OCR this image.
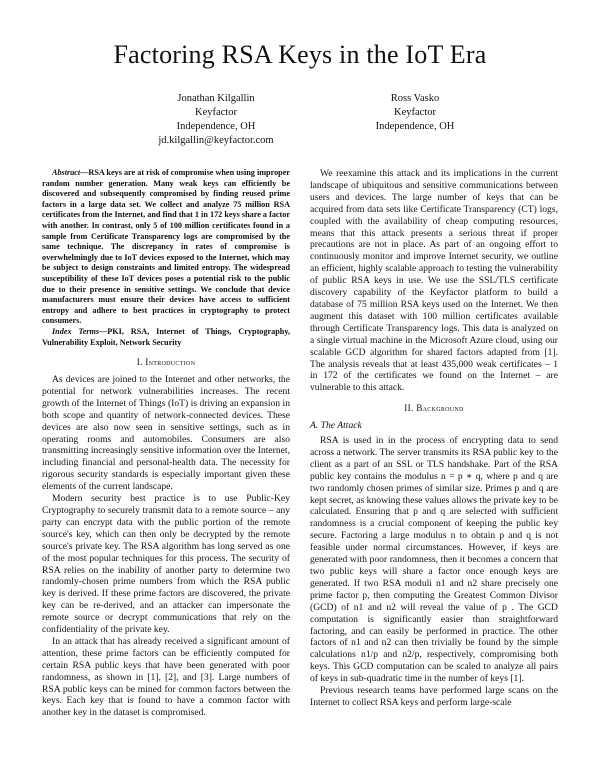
Factoring RSA Keys in the IoT Era
Jonathan Kilgallin
Keyfactor
Independence, OH
jd.kilgallin@keyfactor.com
Ross Vasko
Keyfactor
Independence, OH

Abstract—RSA keys are at risk of compromise when using improper random number generation. Many weak keys can efficiently be discovered and subsequently compromised by finding reused prime factors in a large data set. We collect and analyze 75 million RSA certificates from the Internet, and find that 1 in 172 keys share a factor with another. In contrast, only 5 of 100 million certificates found in a sample from Certificate Transparency logs are compromised by the same technique. The discrepancy in rates of compromise is overwhelmingly due to IoT devices exposed to the Internet, which may be subject to design constraints and limited entropy. The widespread susceptibility of these IoT devices poses a potential risk to the public due to their presence in sensitive settings. We conclude that device manufacturers must ensure their devices have access to sufficient entropy and adhere to best practices in cryptography to protect consumers.

Index Terms—PKI, RSA, Internet of Things, Cryptography, Vulnerability Exploit, Network Security

I. Introduction

As devices are joined to the Internet and other networks, the potential for network vulnerabilities increases. The recent growth of the Internet of Things (IoT) is driving an expansion in both scope and quantity of network-connected devices. These devices are also now seen in sensitive settings, such as in operating rooms and automobiles. Consumers are also transmitting increasingly sensitive information over the Internet, including financial and personal-health data. The necessity for rigorous security standards is especially important given these elements of the current landscape.

Modern security best practice is to use Public-Key Cryptography to securely transmit data to a remote source – any party can encrypt data with the public portion of the remote source's key, which can then only be decrypted by the remote source's private key. The RSA algorithm has long served as one of the most popular techniques for this process. The security of RSA relies on the inability of another party to determine two randomly-chosen prime numbers from which the RSA public key is derived. If these prime factors are discovered, the private key can be re-derived, and an attacker can impersonate the remote source or decrypt communications that rely on the confidentiality of the private key.

In an attack that has already received a significant amount of attention, these prime factors can be efficiently computed for certain RSA public keys that have been generated with poor randomness, as shown in [1], [2], and [3]. Large numbers of RSA public keys can be mined for common factors between the keys. Each key that is found to have a common factor with another key in the dataset is compromised.

We reexamine this attack and its implications in the current landscape of ubiquitous and sensitive communications between users and devices. The large number of keys that can be acquired from data sets like Certificate Transparency (CT) logs, coupled with the availability of cheap computing resources, means that this attack presents a serious threat if proper precautions are not in place. As part of an ongoing effort to continuously monitor and improve Internet security, we outline an efficient, highly scalable approach to testing the vulnerability of public RSA keys in use. We use the SSL/TLS certificate discovery capability of the Keyfactor platform to build a database of 75 million RSA keys used on the Internet. We then augment this dataset with 100 million certificates available through Certificate Transparency logs. This data is analyzed on a single virtual machine in the Microsoft Azure cloud, using our scalable GCD algorithm for shared factors adapted from [1]. The analysis reveals that at least 435,000 weak certificates – 1 in 172 of the certificates we found on the Internet – are vulnerable to this attack.

II. Background
A. The Attack

RSA is used in in the process of encrypting data to send across a network. The server transmits its RSA public key to the client as a part of an SSL or TLS handshake. Part of the RSA public key contains the modulus n = p ∗ q, where p and q are two randomly chosen primes of similar size. Primes p and q are kept secret, as knowing these values allows the private key to be calculated. Ensuring that p and q are selected with sufficient randomness is a crucial component of keeping the public key secure. Factoring a large modulus n to obtain p and q is not feasible under normal circumstances. However, if keys are generated with poor randomness, then it becomes a concern that two public keys will share a factor once enough keys are generated. If two RSA moduli n1 and n2 share precisely one prime factor p, then computing the Greatest Common Divisor (GCD) of n1 and n2 will reveal the value of p . The GCD computation is significantly easier than straightforward factoring, and can easily be performed in practice. The other factors of n1 and n2 can then trivially be found by the simple calculations n1/p and n2/p, respectively, compromising both keys. This GCD computation can be scaled to analyze all pairs of keys in sub-quadratic time in the number of keys [1].

Previous research teams have performed large scans on the Internet to collect RSA keys and perform large-scale
